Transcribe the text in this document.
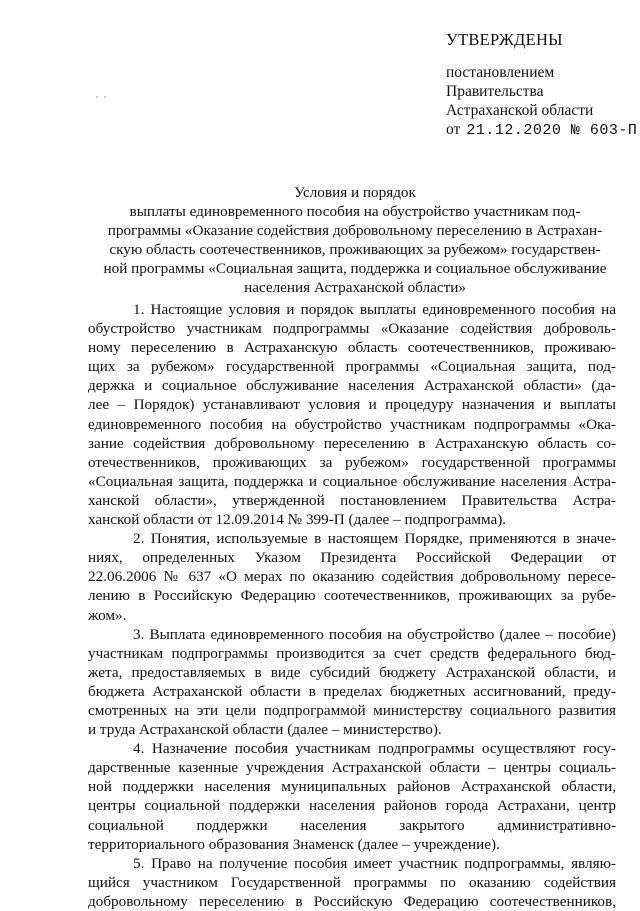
УТВЕРЖДЕНЫ
постановлением
Правительства
Астраханской области
от 21.12.2020 № 603-П
Условия и порядок
выплаты единовременного пособия на обустройство участникам под-
программы «Оказание содействия добровольному переселению в Астрахан-
скую область соотечественников, проживающих за рубежом» государствен-
ной программы «Социальная защита, поддержка и социальное обслуживание
населения Астраханской области»
1. Настоящие условия и порядок выплаты единовременного пособия на
обустройство участникам подпрограммы «Оказание содействия доброволь-
ному переселению в Астраханскую область соотечественников, проживаю-
щих за рубежом» государственной программы «Социальная защита, под-
держка и социальное обслуживание населения Астраханской области» (да-
лее – Порядок) устанавливают условия и процедуру назначения и выплаты
единовременного пособия на обустройство участникам подпрограммы «Ока-
зание содействия добровольному переселению в Астраханскую область со-
отечественников, проживающих за рубежом» государственной программы
«Социальная защита, поддержка и социальное обслуживание населения Астра-
ханской области», утвержденной постановлением Правительства Астра-
ханской области от 12.09.2014 № 399-П (далее – подпрограмма).
2. Понятия, используемые в настоящем Порядке, применяются в значе-
ниях, определенных Указом Президента Российской Федерации от
22.06.2006 № 637 «О мерах по оказанию содействия добровольному пересе-
лению в Российскую Федерацию соотечественников, проживающих за рубе-
жом».
3. Выплата единовременного пособия на обустройство (далее – пособие)
участникам подпрограммы производится за счет средств федерального бюд-
жета, предоставляемых в виде субсидий бюджету Астраханской области, и
бюджета Астраханской области в пределах бюджетных ассигнований, преду-
смотренных на эти цели подпрограммой министерству социального развития
и труда Астраханской области (далее – министерство).
4. Назначение пособия участникам подпрограммы осуществляют госу-
дарственные казенные учреждения Астраханской области – центры социаль-
ной поддержки населения муниципальных районов Астраханской области,
центры социальной поддержки населения районов города Астрахани, центр
социальной поддержки населения закрытого административно-
территориального образования Знаменск (далее – учреждение).
5. Право на получение пособия имеет участник подпрограммы, являю-
щийся участником Государственной программы по оказанию содействия
добровольному переселению в Российскую Федерацию соотечественников,
